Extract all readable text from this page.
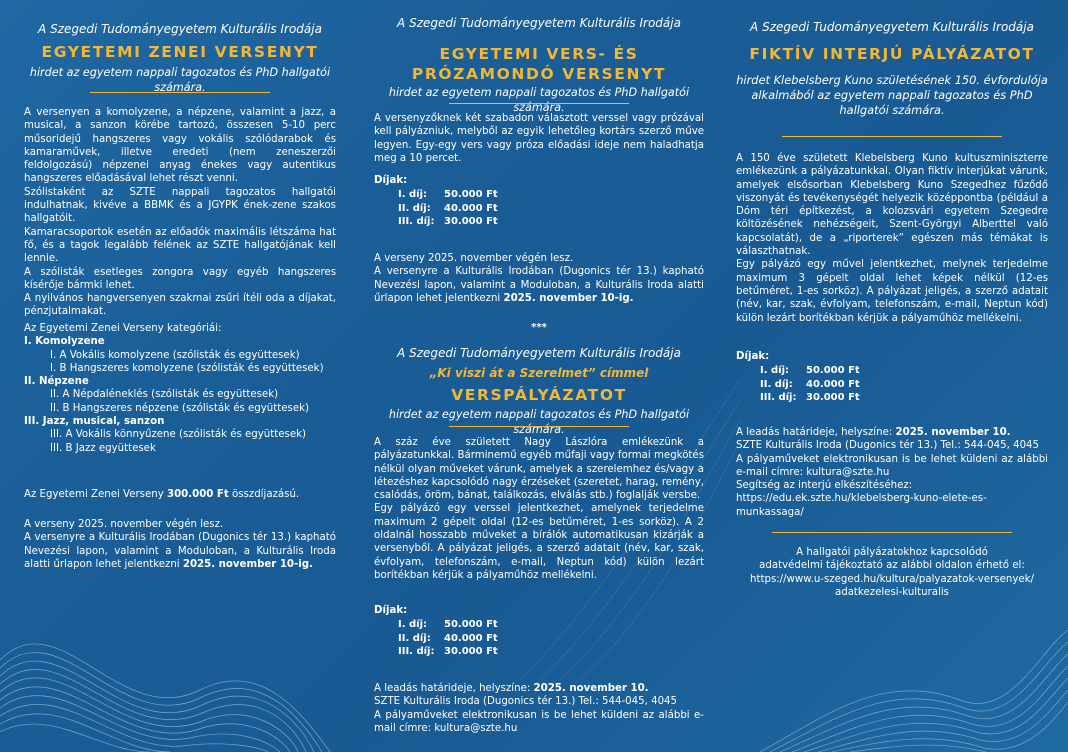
A Szegedi Tudományegyetem Kulturális Irodája
EGYETEMI ZENEI VERSENYT
hirdet az egyetem nappali tagozatos és PhD hallgatói számára.

A versenyen a komolyzene, a népzene, valamint a jazz, a musical, a sanzon körébe tartozó, összesen 5-10 perc műsoridejű hangszeres vagy vokális szólódarabok és kamaraművek, illetve eredeti (nem zeneszerzői feldolgozású) népzenei anyag énekes vagy autentikus hangszeres előadásával lehet részt venni.

Szólistaként az SZTE nappali tagozatos hallgatói indulhatnak, kivéve a BBMK és a JGYPK ének-zene szakos hallgatóit.

Kamaracsoportok esetén az előadók maximális létszáma hat fő, és a tagok legalább felének az SZTE hallgatójának kell lennie.

A szólisták esetleges zongora vagy egyéb hangszeres kísérője bármki lehet.

A nyilvános hangversenyen szakmai zsűri ítéli oda a díjakat, pénzjutalmakat.

Az Egyetemi Zenei Verseny kategóriái:
I. Komolyzene
I. A Vokális komolyzene (szólisták és együttesek)
I. B Hangszeres komolyzene (szólisták és együttesek)
II. Népzene
II. A Népdaléneklés (szólisták és együttesek)
II. B Hangszeres népzene (szólisták és együttesek)
III. Jazz, musical, sanzon
III. A Vokális könnyűzene (szólisták és együttesek)
III. B Jazz együttesek
Az Egyetemi Zenei Verseny 300.000 Ft összdíjazású.

A verseny 2025. november végén lesz.

A versenyre a Kulturális Irodában (Dugonics tér 13.) kapható Nevezési lapon, valamint a Moduloban, a Kulturális Iroda alatti űrlapon lehet jelentkezni 2025. november 10-ig.

A Szegedi Tudományegyetem Kulturális Irodája
EGYETEMI VERS- ÉS
PRÓZAMONDÓ VERSENYT
hirdet az egyetem nappali tagozatos és PhD hallgatói számára.

A versenyzőknek két szabadon választott verssel vagy prózával kell pályázniuk, melyből az egyik lehetőleg kortárs szerző műve legyen. Egy-egy vers vagy próza előadási ideje nem haladhatja meg a 10 percet.

Díjak:
I. díj:	50.000 Ft
II. díj:	40.000 Ft
III. díj: 30.000 Ft

A verseny 2025. november végén lesz.

A versenyre a Kulturális Irodában (Dugonics tér 13.) kapható Nevezési lapon, valamint a Moduloban, a Kulturális Iroda alatti űrlapon lehet jelentkezni 2025. november 10-ig.

***
A Szegedi Tudományegyetem Kulturális Irodája
„Ki viszi át a Szerelmet” címmel
VERSPÁLYÁZATOT
hirdet az egyetem nappali tagozatos és PhD hallgatói számára.

A száz éve született Nagy Lászlóra emlékezünk a pályázatunkkal. Bárminemű egyéb műfaji vagy formai megkötés nélkül olyan műveket várunk, amelyek a szerelemhez és/vagy a létezéshez kapcsolódó nagy érzéseket (szeretet, harag, remény, csalódás, öröm, bánat, találkozás, elválás stb.) foglalják versbe.

Egy pályázó egy verssel jelentkezhet, amelynek terjedelme maximum 2 gépelt oldal (12-es betűméret, 1-es sorköz). A 2 oldalnál hosszabb műveket a bírálók automatikusan kizárják a versenyből. A pályázat jeligés, a szerző adatait (név, kar, szak, évfolyam, telefonszám, e-mail, Neptun kód) külön lezárt borítékban kérjük a pályaműhöz mellékelni.

Díjak:
I. díj:	50.000 Ft
II. díj:	40.000 Ft
III. díj: 30.000 Ft

A leadás határideje, helyszíne: 2025. november 10.

SZTE Kulturális Iroda (Dugonics tér 13.) Tel.: 544-045, 4045

A pályaműveket elektronikusan is be lehet küldeni az alábbi e-mail címre: kultura@szte.hu

A Szegedi Tudományegyetem Kulturális Irodája
FIKTÍV INTERJÚ PÁLYÁZATOT
hirdet Klebelsberg Kuno születésének 150. évfordulója alkalmából az egyetem nappali tagozatos és PhD hallgatói számára.

A 150 éve született Klebelsberg Kuno kultuszminiszterre emlékezünk a pályázatunkkal. Olyan fiktív interjúkat várunk, amelyek elsősorban Klebelsberg Kuno Szegedhez fűződő viszonyát és tevékenységét helyezik középpontba (például a Dóm téri építkezést, a kolozsvári egyetem Szegedre költözésének nehézségeit, Szent-Györgyi Alberttel való kapcsolatát), de a „riporterek” egészen más témákat is választhatnak.

Egy pályázó egy művel jelentkezhet, melynek terjedelme maximum 3 gépelt oldal lehet képek nélkül (12-es betűméret, 1-es sorköz). A pályázat jeligés, a szerző adatait (név, kar, szak, évfolyam, telefonszám, e-mail, Neptun kód) külön lezárt borítékban kérjük a pályaműhöz mellékelni.

Díjak:
I. díj:	50.000 Ft
II. díj:	40.000 Ft
III. díj: 30.000 Ft

A leadás határideje, helyszíne: 2025. november 10.

SZTE Kulturális Iroda (Dugonics tér 13.) Tel.: 544-045, 4045

A pályaműveket elektronikusan is be lehet küldeni az alábbi e-mail címre: kultura@szte.hu

Segítség az interjú elkészítéséhez:

https://edu.ek.szte.hu/klebelsberg-kuno-elete-es-munkassaga/

A hallgatói pályázatokhoz kapcsolódó
adatvédelmi tájékoztató az alábbi oldalon érhető el:
https://www.u-szeged.hu/kultura/palyazatok-versenyek/
adatkezelesi-kulturalis
